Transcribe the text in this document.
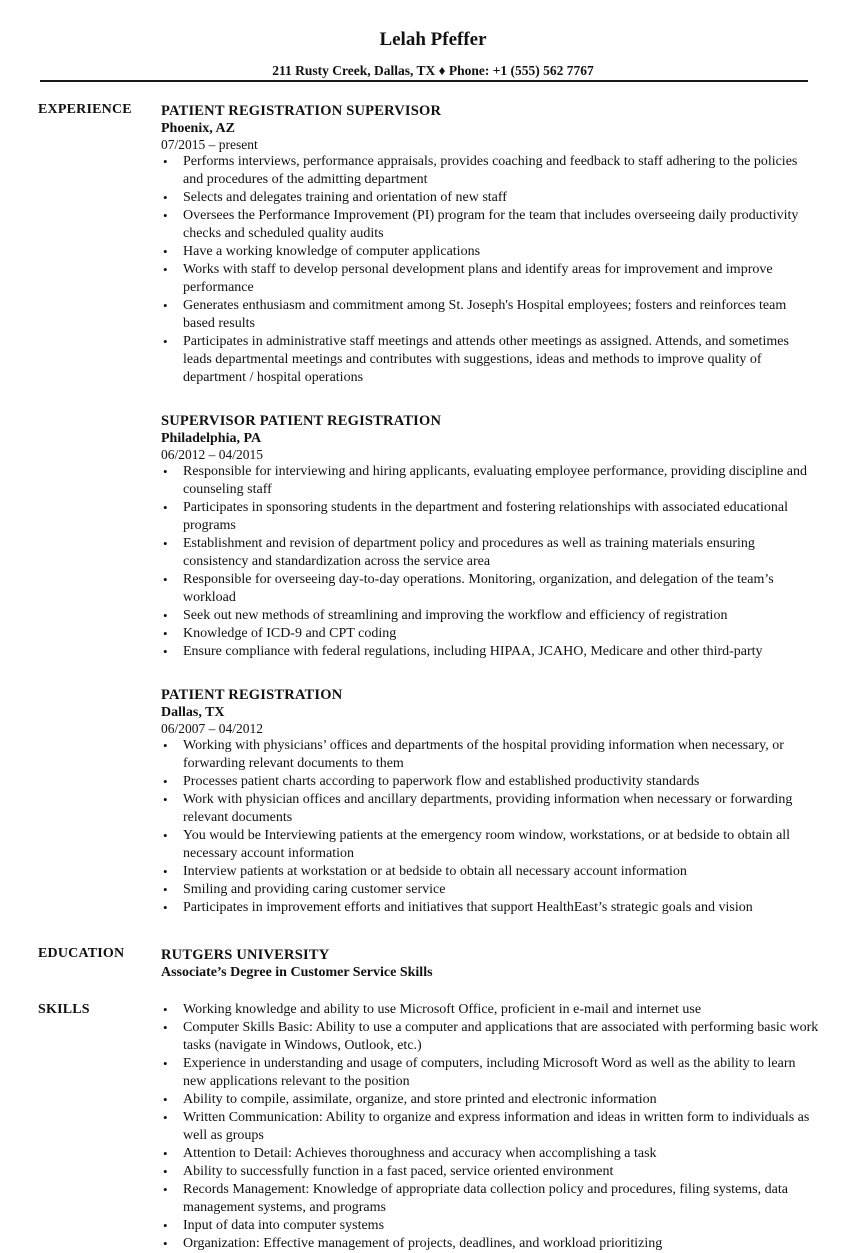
Lelah Pfeffer
211 Rusty Creek, Dallas, TX ♦ Phone: +1 (555) 562 7767
EXPERIENCE PATIENT REGISTRATION SUPERVISOR
Phoenix, AZ
07/2015 – present
• Performs interviews, performance appraisals, provides coaching and feedback to staff adhering to the policies and procedures of the admitting department
• Selects and delegates training and orientation of new staff
• Oversees the Performance Improvement (PI) program for the team that includes overseeing daily productivity checks and scheduled quality audits
• Have a working knowledge of computer applications
• Works with staff to develop personal development plans and identify areas for improvement and improve performance
• Generates enthusiasm and commitment among St. Joseph's Hospital employees; fosters and reinforces team based results
• Participates in administrative staff meetings and attends other meetings as assigned. Attends, and sometimes leads departmental meetings and contributes with suggestions, ideas and methods to improve quality of department / hospital operations
SUPERVISOR PATIENT REGISTRATION
Philadelphia, PA
06/2012 – 04/2015
• Responsible for interviewing and hiring applicants, evaluating employee performance, providing discipline and counseling staff
• Participates in sponsoring students in the department and fostering relationships with associated educational programs
• Establishment and revision of department policy and procedures as well as training materials ensuring consistency and standardization across the service area
• Responsible for overseeing day-to-day operations. Monitoring, organization, and delegation of the team’s workload
• Seek out new methods of streamlining and improving the workflow and efficiency of registration
• Knowledge of ICD-9 and CPT coding
• Ensure compliance with federal regulations, including HIPAA, JCAHO, Medicare and other third-party
PATIENT REGISTRATION
Dallas, TX
06/2007 – 04/2012
• Working with physicians’ offices and departments of the hospital providing information when necessary, or forwarding relevant documents to them
• Processes patient charts according to paperwork flow and established productivity standards
• Work with physician offices and ancillary departments, providing information when necessary or forwarding relevant documents
• You would be Interviewing patients at the emergency room window, workstations, or at bedside to obtain all necessary account information
• Interview patients at workstation or at bedside to obtain all necessary account information
• Smiling and providing caring customer service
• Participates in improvement efforts and initiatives that support HealthEast’s strategic goals and vision
EDUCATION	RUTGERS UNIVERSITY
Associate’s Degree in Customer Service Skills
SKILLS	• Working knowledge and ability to use Microsoft Office, proficient in e-mail and internet use
• Computer Skills Basic: Ability to use a computer and applications that are associated with performing basic work tasks (navigate in Windows, Outlook, etc.)
• Experience in understanding and usage of computers, including Microsoft Word as well as the ability to learn new applications relevant to the position
• Ability to compile, assimilate, organize, and store printed and electronic information
• Written Communication: Ability to organize and express information and ideas in written form to individuals as well as groups
• Attention to Detail: Achieves thoroughness and accuracy when accomplishing a task
• Ability to successfully function in a fast paced, service oriented environment
• Records Management: Knowledge of appropriate data collection policy and procedures, filing systems, data management systems, and programs
• Input of data into computer systems
• Organization: Effective management of projects, deadlines, and workload prioritizing
